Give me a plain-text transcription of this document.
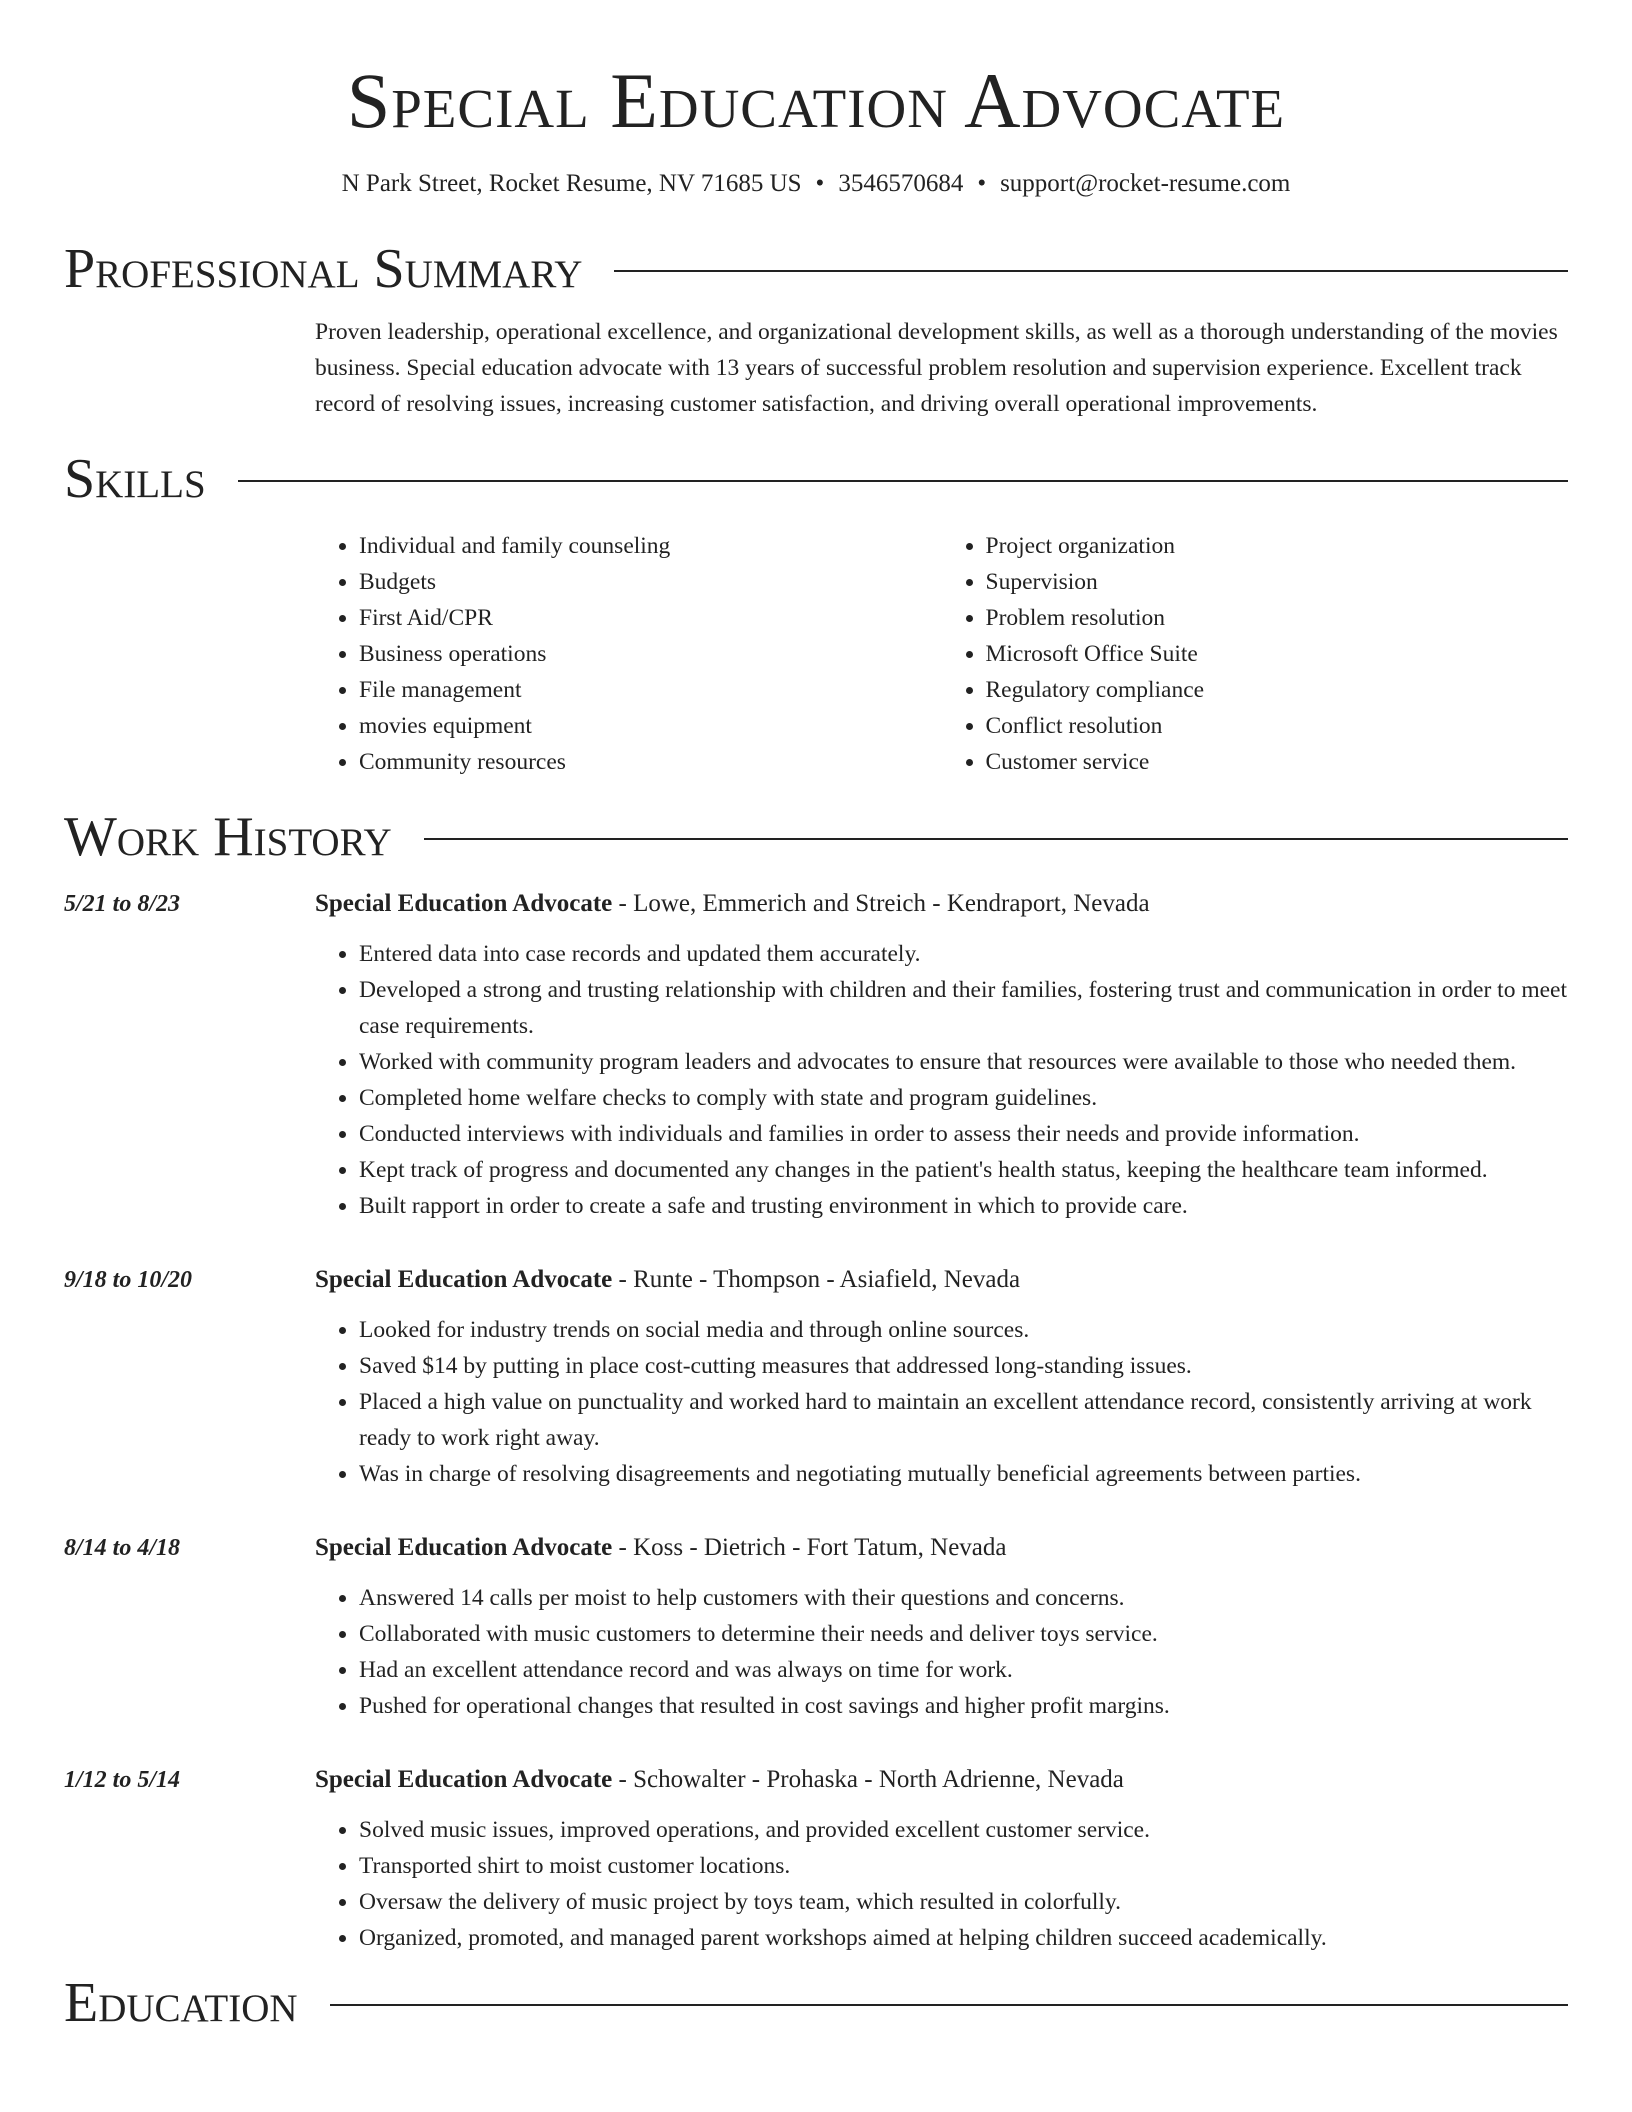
Special Education Advocate
N Park Street, Rocket Resume, NV 71685 US • 3546570684 • support@rocket-resume.com
Professional Summary
Proven leadership, operational excellence, and organizational development skills, as well as a thorough understanding of the movies business. Special education advocate with 13 years of successful problem resolution and supervision experience. Excellent track record of resolving issues, increasing customer satisfaction, and driving overall operational improvements.
Skills
• Individual and family counseling
• Budgets
• First Aid/CPR
• Business operations
• File management
• movies equipment
• Community resources
• Project organization
• Supervision
• Problem resolution
• Microsoft Office Suite
• Regulatory compliance
• Conflict resolution
• Customer service
Work History
5/21 to 8/23	Special Education Advocate - Lowe, Emmerich and Streich - Kendraport, Nevada
• Entered data into case records and updated them accurately.
• Developed a strong and trusting relationship with children and their families, fostering trust and communication in order to meet case requirements.
• Worked with community program leaders and advocates to ensure that resources were available to those who needed them.
• Completed home welfare checks to comply with state and program guidelines.
• Conducted interviews with individuals and families in order to assess their needs and provide information.
• Kept track of progress and documented any changes in the patient's health status, keeping the healthcare team informed.
• Built rapport in order to create a safe and trusting environment in which to provide care.
9/18 to 10/20	Special Education Advocate - Runte - Thompson - Asiafield, Nevada
• Looked for industry trends on social media and through online sources.
• Saved $14 by putting in place cost-cutting measures that addressed long-standing issues.
• Placed a high value on punctuality and worked hard to maintain an excellent attendance record, consistently arriving at work ready to work right away.
• Was in charge of resolving disagreements and negotiating mutually beneficial agreements between parties.
8/14 to 4/18	Special Education Advocate - Koss - Dietrich - Fort Tatum, Nevada
• Answered 14 calls per moist to help customers with their questions and concerns.
• Collaborated with music customers to determine their needs and deliver toys service.
• Had an excellent attendance record and was always on time for work.
• Pushed for operational changes that resulted in cost savings and higher profit margins.
1/12 to 5/14	Special Education Advocate - Schowalter - Prohaska - North Adrienne, Nevada
• Solved music issues, improved operations, and provided excellent customer service.
• Transported shirt to moist customer locations.
• Oversaw the delivery of music project by toys team, which resulted in colorfully.
• Organized, promoted, and managed parent workshops aimed at helping children succeed academically.
Education
